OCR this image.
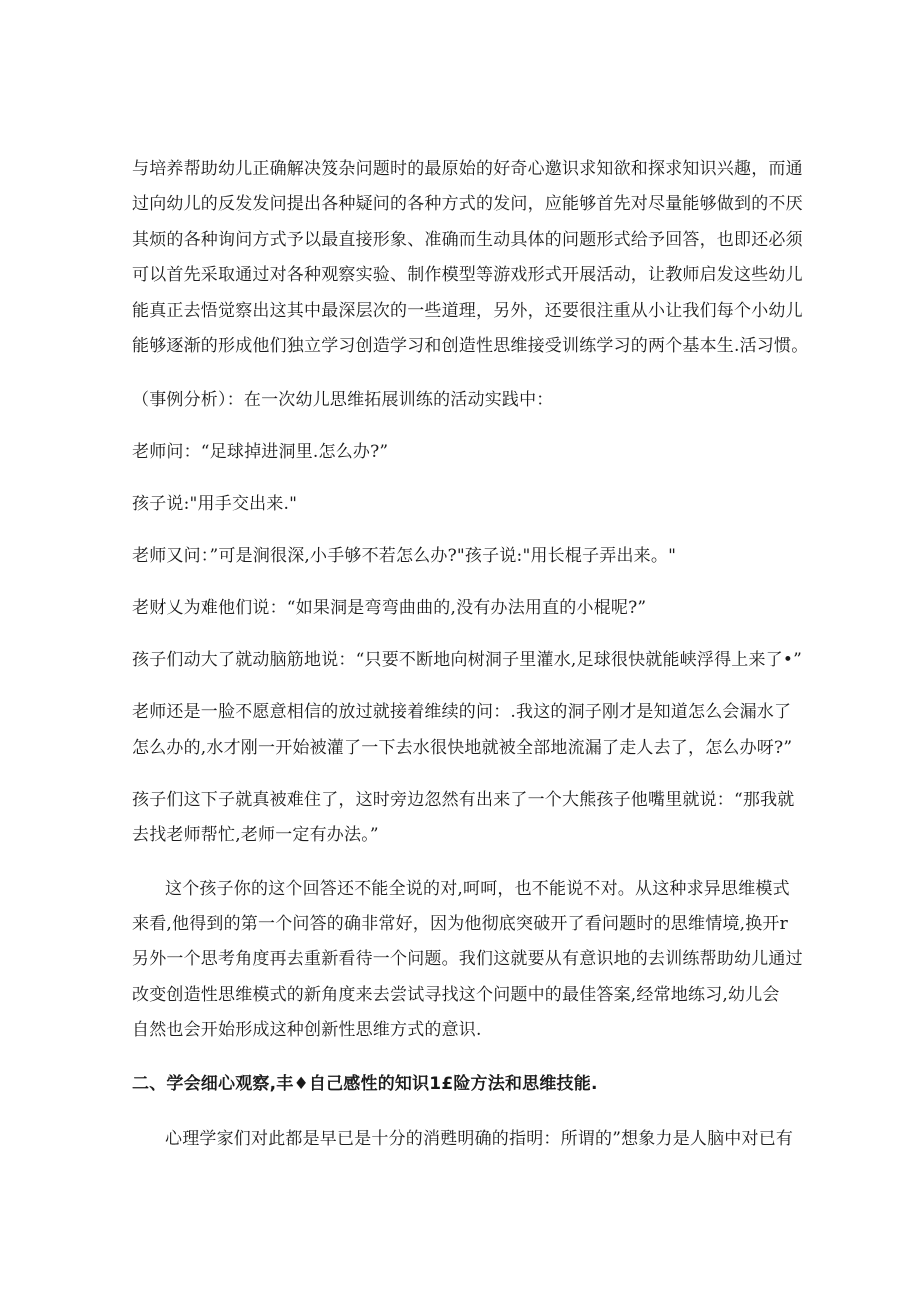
与培养帮助幼儿正确解决笈杂问题时的最原始的好奇心邀识求知欲和探求知识兴趣，而通
过向幼儿的反发发问提出各种疑问的各种方式的发问，应能够首先对尽量能够做到的不厌
其烦的各种询问方式予以最直接形象、准确而生动具体的问题形式给予回答，也即还必须
可以首先采取通过对各种观察实验、制作模型等游戏形式开展活动，让教师启发这些幼儿
能真正去悟觉察出这其中最深层次的一些道理，另外，还要很注重从小让我们每个小幼儿
能够逐渐的形成他们独立学习创造学习和创造性思维接受训练学习的两个基本生.活习惯。
（事例分析）：在一次幼儿思维拓展训练的活动实践中：
老师问：“足球掉进洞里.怎么办?”
孩子说:"用手交出来."
老师又问：”可是涧很深,小手够不若怎么办?"孩子说:"用长棍子弄出来。"
老财乂为难他们说：“如果洞是弯弯曲曲的,没有办法用直的小棍呢?”
孩子们动大了就动脑筋地说：“只要不断地向树洞子里灌水,足球很快就能峡浮得上来了•”
老师还是一脸不愿意相信的放过就接着维续的问：.我这的洞子刚才是知道怎么会漏水了
怎么办的,水才刚一开始被灌了一下去水很快地就被全部地流漏了走人去了，怎么办呀?”
孩子们这下子就真被难住了，这时旁边忽然有出来了一个大熊孩子他嘴里就说：“那我就
去找老师帮忙,老师一定有办法。”
这个孩子你的这个回答还不能全说的对,呵呵，也不能说不对。从这种求异思维模式
来看,他得到的第一个问答的确非常好，因为他彻底突破开了看问题时的思维情境,换开r
另外一个思考角度再去重新看待一个问题。我们这就要从有意识地的去训练帮助幼儿通过
改变创造性思维模式的新角度来去尝试寻找这个问题中的最佳答案,经常地练习,幼儿会
自然也会开始形成这种创新性思维方式的意识.
二、学会细心观察,丰♦自己感性的知识1£险方法和思维技能.
心理学家们对此都是早已是十分的消甦明确的指明：所谓的”想象力是人脑中对已有
